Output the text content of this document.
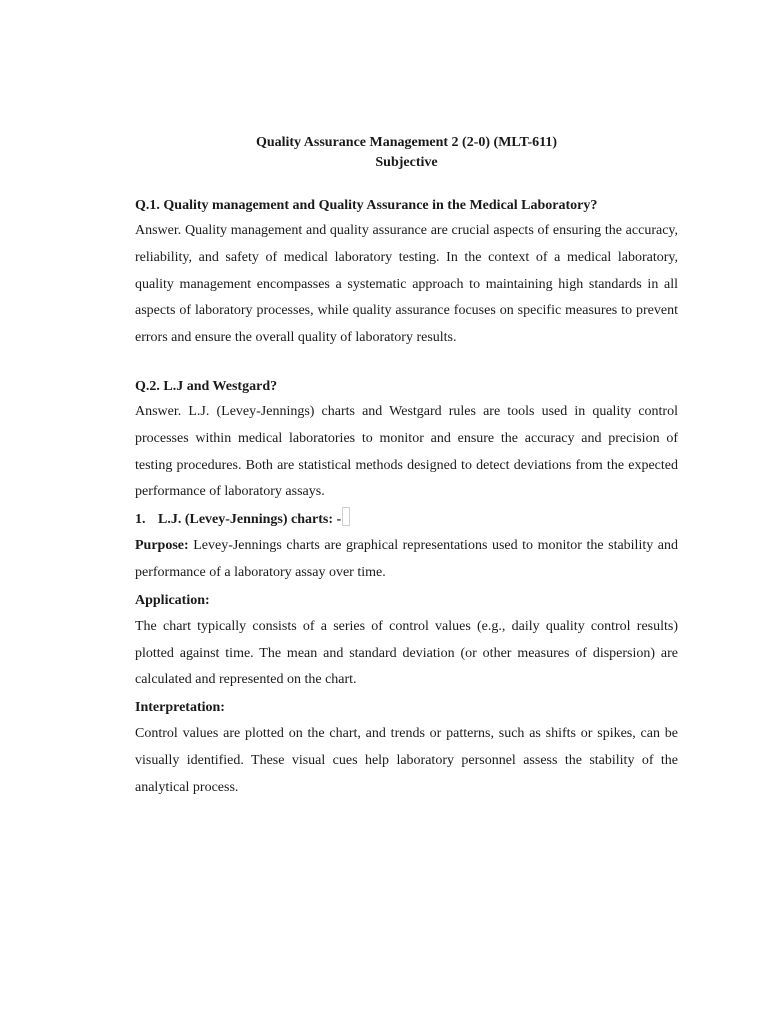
Quality Assurance Management 2 (2-0) (MLT-611)
Subjective

Q.1. Quality management and Quality Assurance in the Medical Laboratory?

Answer. Quality management and quality assurance are crucial aspects of ensuring the accuracy, reliability, and safety of medical laboratory testing. In the context of a medical laboratory, quality management encompasses a systematic approach to maintaining high standards in all aspects of laboratory processes, while quality assurance focuses on specific measures to prevent errors and ensure the overall quality of laboratory results.

Q.2. L.J and Westgard?

Answer. L.J. (Levey-Jennings) charts and Westgard rules are tools used in quality control processes within medical laboratories to monitor and ensure the accuracy and precision of testing procedures. Both are statistical methods designed to detect deviations from the expected performance of laboratory assays.

1. L.J. (Levey-Jennings) charts: -

Purpose: Levey-Jennings charts are graphical representations used to monitor the stability and performance of a laboratory assay over time.

Application:

The chart typically consists of a series of control values (e.g., daily quality control results) plotted against time. The mean and standard deviation (or other measures of dispersion) are calculated and represented on the chart.

Interpretation:

Control values are plotted on the chart, and trends or patterns, such as shifts or spikes, can be visually identified. These visual cues help laboratory personnel assess the stability of the analytical process.
